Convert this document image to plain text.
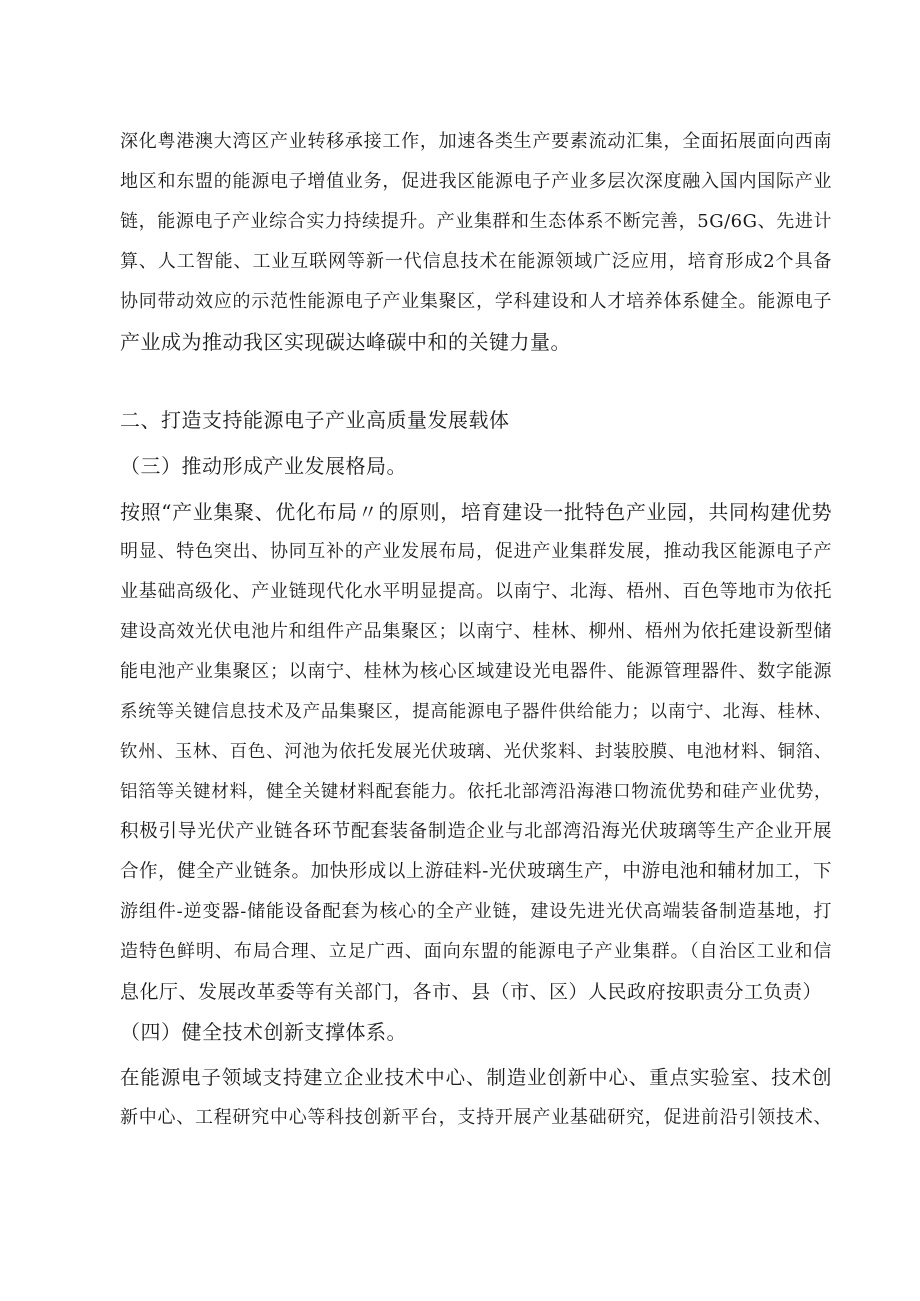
深化粤港澳大湾区产业转移承接工作，加速各类生产要素流动汇集，全面拓展面向西南
地区和东盟的能源电子增值业务，促进我区能源电子产业多层次深度融入国内国际产业
链，能源电子产业综合实力持续提升。产业集群和生态体系不断完善，5G/6G、先进计
算、人工智能、工业互联网等新一代信息技术在能源领域广泛应用，培育形成2个具备
协同带动效应的示范性能源电子产业集聚区，学科建设和人才培养体系健全。能源电子
产业成为推动我区实现碳达峰碳中和的关键力量。
二、打造支持能源电子产业高质量发展载体
（三）推动形成产业发展格局。
按照“产业集聚、优化布局〃的原则，培育建设一批特色产业园，共同构建优势
明显、特色突出、协同互补的产业发展布局，促进产业集群发展，推动我区能源电子产
业基础高级化、产业链现代化水平明显提高。以南宁、北海、梧州、百色等地市为依托
建设高效光伏电池片和组件产品集聚区；以南宁、桂林、柳州、梧州为依托建设新型储
能电池产业集聚区；以南宁、桂林为核心区域建设光电器件、能源管理器件、数字能源
系统等关键信息技术及产品集聚区，提高能源电子器件供给能力；以南宁、北海、桂林、
钦州、玉林、百色、河池为依托发展光伏玻璃、光伏浆料、封装胶膜、电池材料、铜箔、
铝箔等关键材料，健全关键材料配套能力。依托北部湾沿海港口物流优势和硅产业优势，
积极引导光伏产业链各环节配套装备制造企业与北部湾沿海光伏玻璃等生产企业开展
合作，健全产业链条。加快形成以上游硅料-光伏玻璃生产，中游电池和辅材加工，下
游组件-逆变器-储能设备配套为核心的全产业链，建设先进光伏高端装备制造基地，打
造特色鲜明、布局合理、立足广西、面向东盟的能源电子产业集群。（自治区工业和信
息化厅、发展改革委等有关部门，各市、县（市、区）人民政府按职责分工负责）
（四）健全技术创新支撑体系。
在能源电子领域支持建立企业技术中心、制造业创新中心、重点实验室、技术创
新中心、工程研究中心等科技创新平台，支持开展产业基础研究，促进前沿引领技术、
